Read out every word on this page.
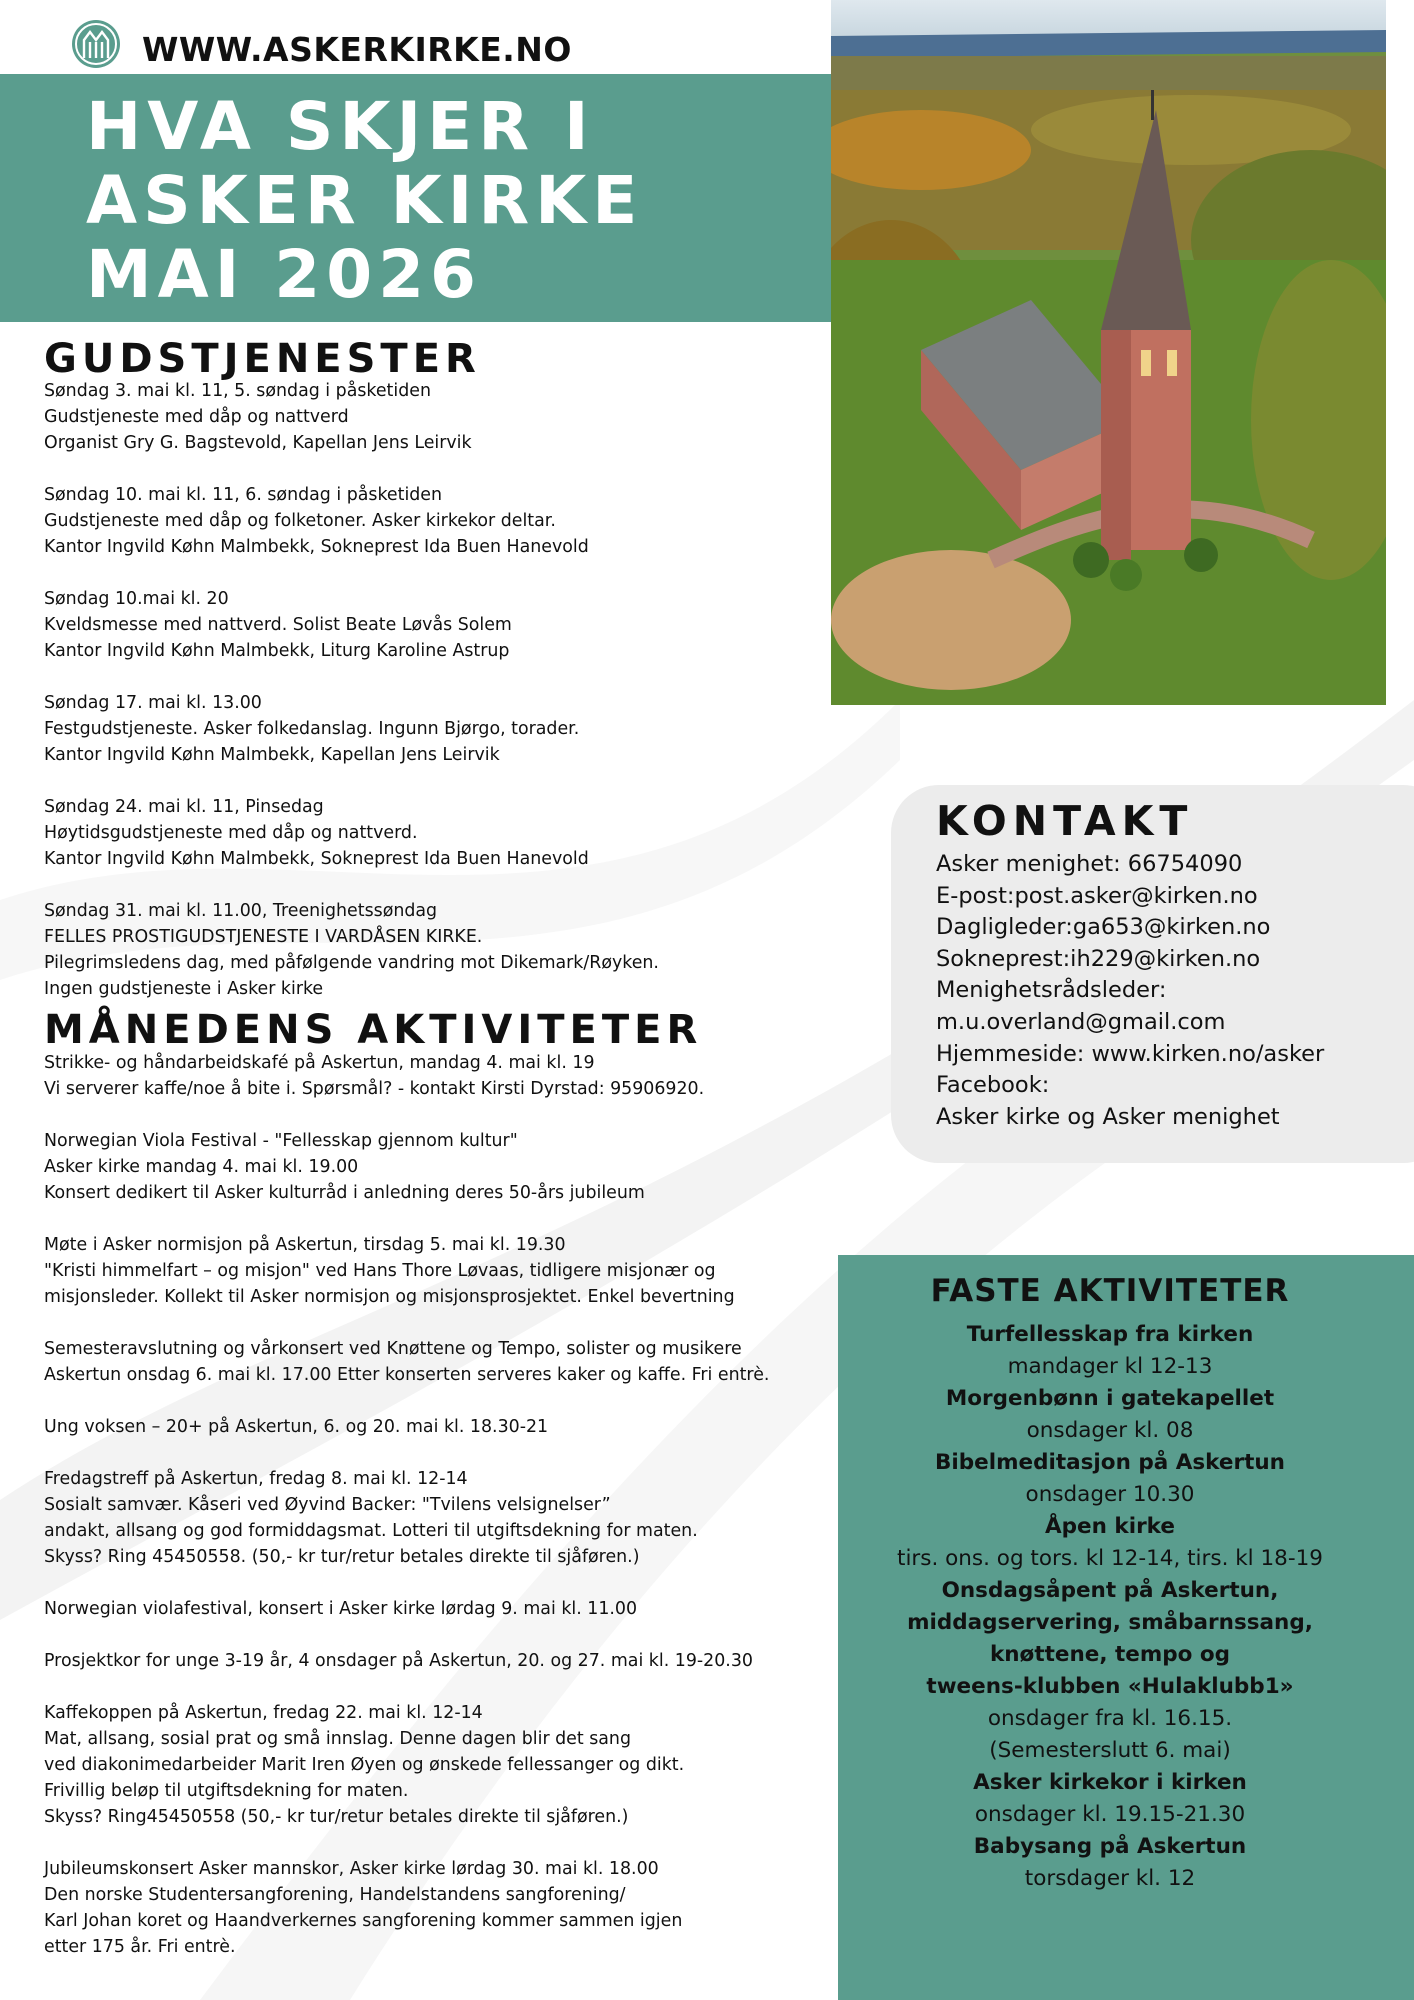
WWW.ASKERKIRKE.NO
HVA SKJER I
ASKER KIRKE
MAI 2026
GUDSTJENESTER
Søndag 3. mai kl. 11, 5. søndag i påsketiden
Gudstjeneste med dåp og nattverd
Organist Gry G. Bagstevold, Kapellan Jens Leirvik
Søndag 10. mai kl. 11, 6. søndag i påsketiden
Gudstjeneste med dåp og folketoner. Asker kirkekor deltar.
Kantor Ingvild Køhn Malmbekk, Sokneprest Ida Buen Hanevold
Søndag 10.mai kl. 20
Kveldsmesse med nattverd. Solist Beate Løvås Solem
Kantor Ingvild Køhn Malmbekk, Liturg Karoline Astrup
Søndag 17. mai kl. 13.00
Festgudstjeneste. Asker folkedanslag. Ingunn Bjørgo, torader.
Kantor Ingvild Køhn Malmbekk, Kapellan Jens Leirvik
Søndag 24. mai kl. 11, Pinsedag
Høytidsgudstjeneste med dåp og nattverd.
Kantor Ingvild Køhn Malmbekk, Sokneprest Ida Buen Hanevold
Søndag 31. mai kl. 11.00, Treenighetssøndag
FELLES PROSTIGUDSTJENESTE I VARDÅSEN KIRKE.
Pilegrimsledens dag, med påfølgende vandring mot Dikemark/Røyken.
Ingen gudstjeneste i Asker kirke
MÅNEDENS AKTIVITETER
Strikke- og håndarbeidskafé på Askertun, mandag 4. mai kl. 19
Vi serverer kaffe/noe å bite i. Spørsmål? - kontakt Kirsti Dyrstad: 95906920.
Norwegian Viola Festival - "Fellesskap gjennom kultur"
Asker kirke mandag 4. mai kl. 19.00
Konsert dedikert til Asker kulturråd i anledning deres 50-års jubileum
Møte i Asker normisjon på Askertun, tirsdag 5. mai kl. 19.30
"Kristi himmelfart – og misjon" ved Hans Thore Løvaas, tidligere misjonær og
misjonsleder. Kollekt til Asker normisjon og misjonsprosjektet. Enkel bevertning
Semesteravslutning og vårkonsert ved Knøttene og Tempo, solister og musikere
Askertun onsdag 6. mai kl. 17.00 Etter konserten serveres kaker og kaffe. Fri entrè.
Ung voksen – 20+ på Askertun, 6. og 20. mai kl. 18.30-21
Fredagstreff på Askertun, fredag 8. mai kl. 12-14
Sosialt samvær. Kåseri ved Øyvind Backer: "Tvilens velsignelser”
andakt, allsang og god formiddagsmat. Lotteri til utgiftsdekning for maten.
Skyss? Ring 45450558. (50,- kr tur/retur betales direkte til sjåføren.)
Norwegian violafestival, konsert i Asker kirke lørdag 9. mai kl. 11.00
Prosjektkor for unge 3-19 år, 4 onsdager på Askertun, 20. og 27. mai kl. 19-20.30
Kaffekoppen på Askertun, fredag 22. mai kl. 12-14
Mat, allsang, sosial prat og små innslag. Denne dagen blir det sang
ved diakonimedarbeider Marit Iren Øyen og ønskede fellessanger og dikt.
Frivillig beløp til utgiftsdekning for maten.
Skyss? Ring45450558 (50,- kr tur/retur betales direkte til sjåføren.)
Jubileumskonsert Asker mannskor, Asker kirke lørdag 30. mai kl. 18.00
Den norske Studentersangforening, Handelstandens sangforening/
Karl Johan koret og Haandverkernes sangforening kommer sammen igjen
etter 175 år. Fri entrè.
KONTAKT
Asker menighet: 66754090
E-post:post.asker@kirken.no
Dagligleder:ga653@kirken.no
Sokneprest:ih229@kirken.no
Menighetsrådsleder:
m.u.overland@gmail.com
Hjemmeside: www.kirken.no/asker
Facebook:
Asker kirke og Asker menighet
FASTE AKTIVITETER
Turfellesskap fra kirken
mandager kl 12-13
Morgenbønn i gatekapellet
onsdager kl. 08
Bibelmeditasjon på Askertun
onsdager 10.30
Åpen kirke
tirs. ons. og tors. kl 12-14, tirs. kl 18-19
Onsdagsåpent på Askertun,
middagservering, småbarnssang,
knøttene, tempo og
tweens-klubben «Hulaklubb1»
onsdager fra kl. 16.15.
(Semesterslutt 6. mai)
Asker kirkekor i kirken
onsdager kl. 19.15-21.30
Babysang på Askertun
torsdager kl. 12
